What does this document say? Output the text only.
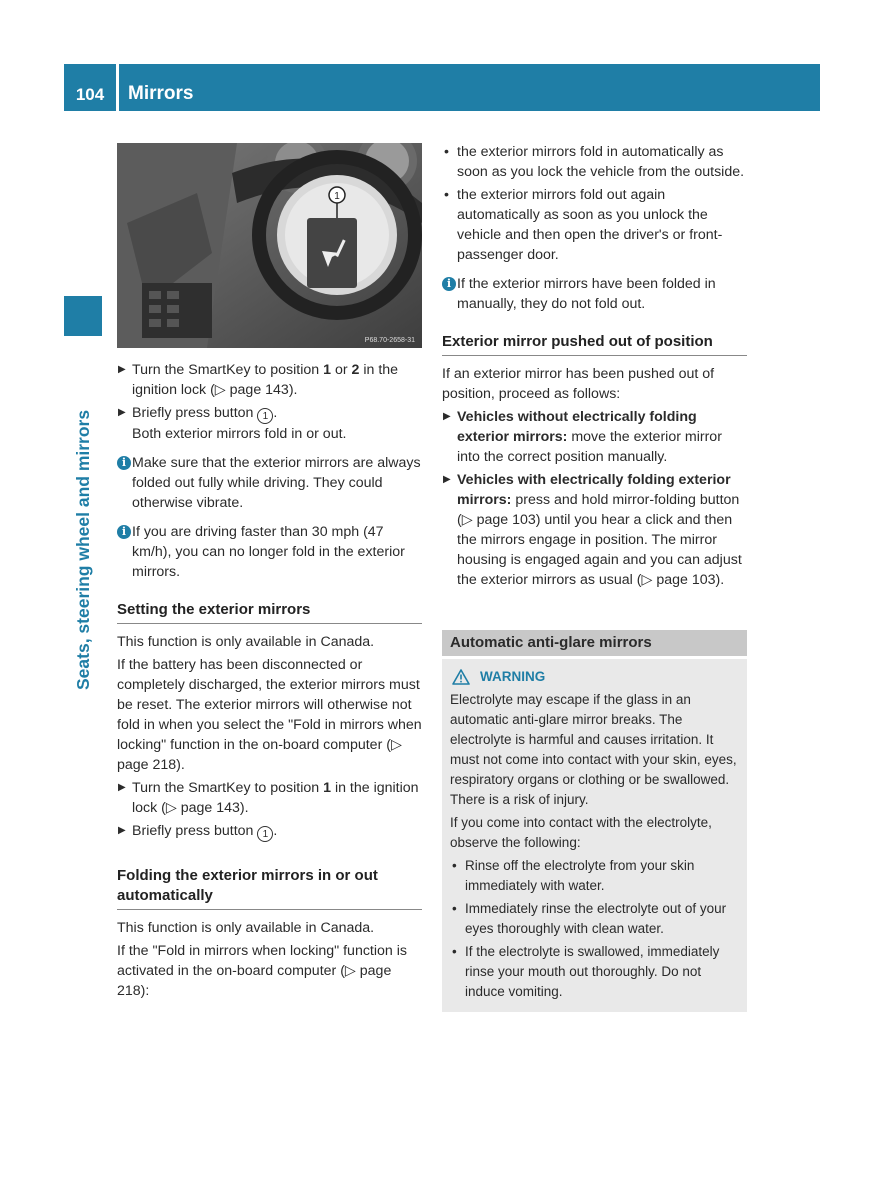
104	Mirrors
Seats, steering wheel and mirrors
1
P68.70-2658-31
▶ Turn the SmartKey to position 1 or 2 in the ignition lock (▷ page 143).
▶ Briefly press button 1 .
Both exterior mirrors fold in or out.
i Make sure that the exterior mirrors are always folded out fully while driving. They could otherwise vibrate.
i If you are driving faster than 30 mph (47 km/h), you can no longer fold in the exterior mirrors.
Setting the exterior mirrors

This function is only available in Canada.

If the battery has been disconnected or completely discharged, the exterior mirrors must be reset. The exterior mirrors will otherwise not fold in when you select the "Fold in mirrors when locking" function in the on-board computer (▷ page 218).

▶ Turn the SmartKey to position 1 in the ignition lock (▷ page 143).
▶ Briefly press button 1 .
Folding the exterior mirrors in or out automatically

This function is only available in Canada.

If the "Fold in mirrors when locking" function is activated in the on-board computer (▷ page 218):

• the exterior mirrors fold in automatically as soon as you lock the vehicle from the outside.
• the exterior mirrors fold out again automatically as soon as you unlock the vehicle and then open the driver's or front-passenger door.
i If the exterior mirrors have been folded in manually, they do not fold out.
Exterior mirror pushed out of position

If an exterior mirror has been pushed out of position, proceed as follows:

▶ Vehicles without electrically folding exterior mirrors: move the exterior mirror into the correct position manually.
▶ Vehicles with electrically folding exterior mirrors: press and hold mirror-folding button (▷ page 103) until you hear a click and then the mirrors engage in position. The mirror housing is engaged again and you can adjust the exterior mirrors as usual (▷ page 103).
Automatic anti-glare mirrors
WARNING

Electrolyte may escape if the glass in an automatic anti-glare mirror breaks. The electrolyte is harmful and causes irritation. It must not come into contact with your skin, eyes, respiratory organs or clothing or be swallowed. There is a risk of injury.

If you come into contact with the electrolyte, observe the following:

• Rinse off the electrolyte from your skin immediately with water.
• Immediately rinse the electrolyte out of your eyes thoroughly with clean water.
• If the electrolyte is swallowed, immediately rinse your mouth out thoroughly. Do not induce vomiting.
